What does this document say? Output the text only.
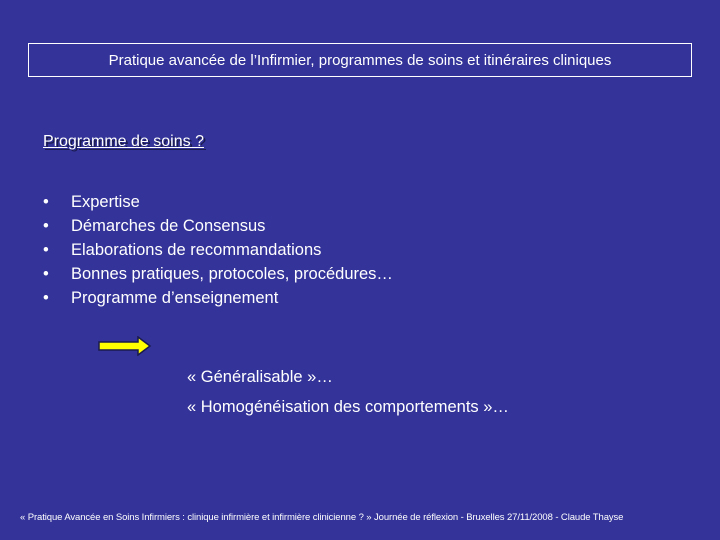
Pratique avancée de l’Infirmier, programmes de soins et itinéraires cliniques
Programme de soins ?
• Expertise
• Démarches de Consensus
• Elaborations de recommandations
• Bonnes pratiques, protocoles, procédures…
• Programme d’enseignement
« Généralisable »…
« Homogénéisation des comportements »…
« Pratique Avancée en Soins Infirmiers : clinique infirmière et infirmière clinicienne ? » Journée de réflexion - Bruxelles 27/11/2008 - Claude Thayse
